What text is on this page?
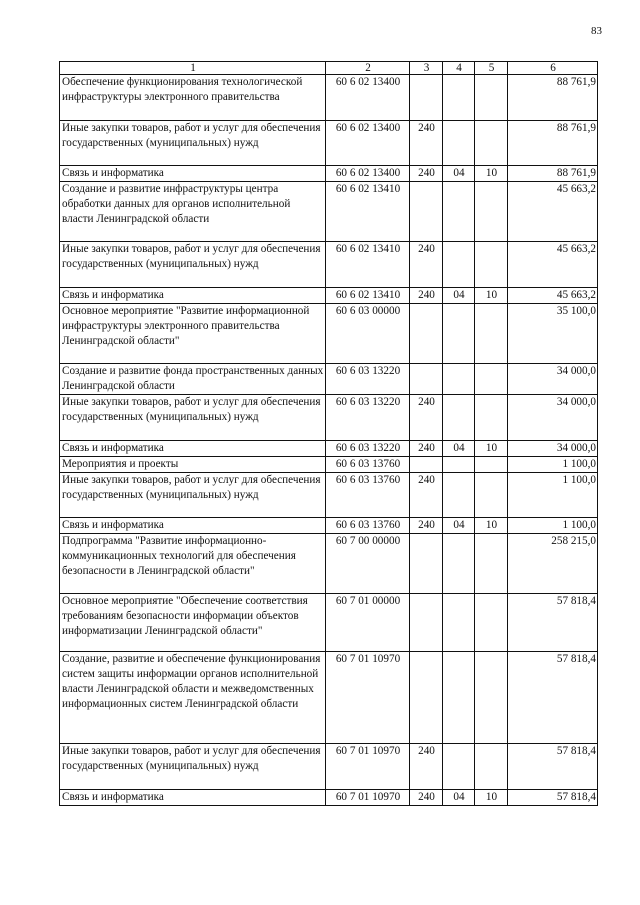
83
1	2	3	4	5	6
Обеспечение функционирования технологической инфраструктуры электронного правительства	60 6 02 13400				88 761,9
Иные закупки товаров, работ и услуг для обеспечения государственных (муниципальных) нужд	60 6 02 13400	240			88 761,9
Связь и информатика	60 6 02 13400	240	04	10	88 761,9
Создание и развитие инфраструктуры центра обработки данных для органов исполнительной власти Ленинградской области	60 6 02 13410				45 663,2
Иные закупки товаров, работ и услуг для обеспечения государственных (муниципальных) нужд	60 6 02 13410	240			45 663,2
Связь и информатика	60 6 02 13410	240	04	10	45 663,2
Основное мероприятие "Развитие информационной инфраструктуры электронного правительства Ленинградской области"	60 6 03 00000				35 100,0
Создание и развитие фонда пространственных данных Ленинградской области	60 6 03 13220				34 000,0
Иные закупки товаров, работ и услуг для обеспечения государственных (муниципальных) нужд	60 6 03 13220	240			34 000,0
Связь и информатика	60 6 03 13220	240	04	10	34 000,0
Мероприятия и проекты	60 6 03 13760				1 100,0
Иные закупки товаров, работ и услуг для обеспечения государственных (муниципальных) нужд	60 6 03 13760	240			1 100,0
Связь и информатика	60 6 03 13760	240	04	10	1 100,0
Подпрограмма "Развитие информационно-коммуникационных технологий для обеспечения безопасности в Ленинградской области"	60 7 00 00000				258 215,0
Основное мероприятие "Обеспечение соответствия требованиям безопасности информации объектов информатизации Ленинградской области"	60 7 01 00000				57 818,4
Создание, развитие и обеспечение функционирования систем защиты информации органов исполнительной власти Ленинградской области и межведомственных информационных систем Ленинградской области	60 7 01 10970				57 818,4
Иные закупки товаров, работ и услуг для обеспечения государственных (муниципальных) нужд	60 7 01 10970	240			57 818,4
Связь и информатика	60 7 01 10970	240	04	10	57 818,4
